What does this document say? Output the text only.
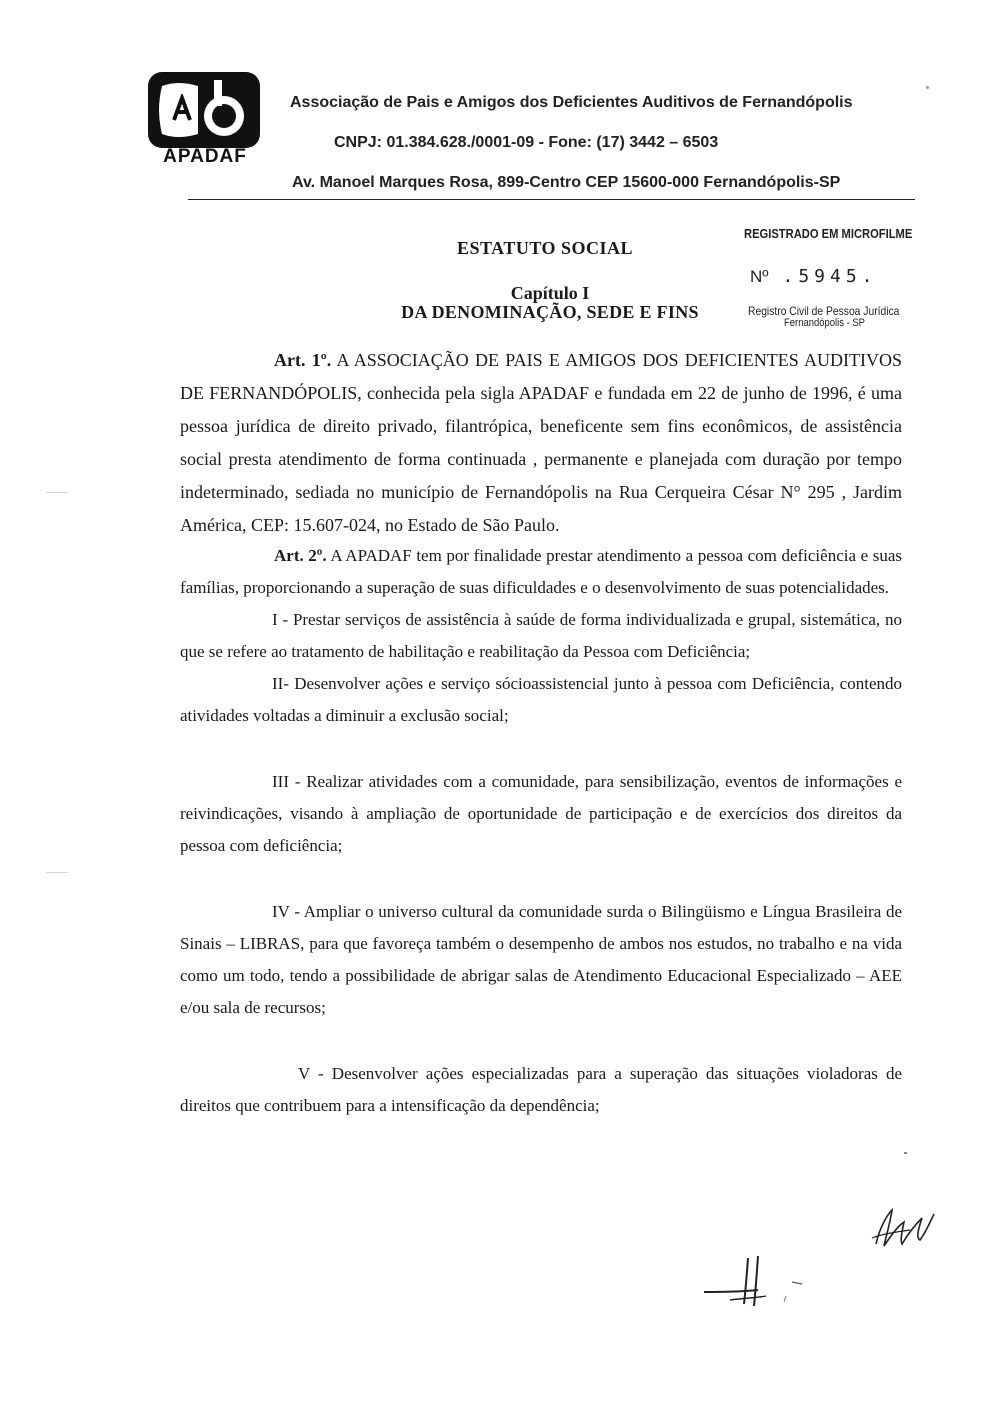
APADAF
Associação de Pais e Amigos dos Deficientes Auditivos de Fernandópolis
CNPJ: 01.384.628./0001-09 - Fone: (17) 3442 – 6503
Av. Manoel Marques Rosa, 899-Centro CEP 15600-000 Fernandópolis-SP
REGISTRADO EM MICROFILME
Nº .5945.
Registro Civil de Pessoa Jurídica
Fernandópolis - SP
ESTATUTO SOCIAL
Capítulo I
DA DENOMINAÇÃO, SEDE E FINS

Art. 1º. A ASSOCIAÇÃO DE PAIS E AMIGOS DOS DEFICIENTES AUDITIVOS DE FERNANDÓPOLIS, conhecida pela sigla APADAF e fundada em 22 de junho de 1996, é uma pessoa jurídica de direito privado, filantrópica, beneficente sem fins econômicos, de assistência social presta atendimento de forma continuada , permanente e planejada com duração por tempo indeterminado, sediada no município de Fernandópolis na Rua Cerqueira César N° 295 , Jardim América, CEP: 15.607-024, no Estado de São Paulo.

Art. 2º. A APADAF tem por finalidade prestar atendimento a pessoa com deficiência e suas famílias, proporcionando a superação de suas dificuldades e o desenvolvimento de suas potencialidades.

I - Prestar serviços de assistência à saúde de forma individualizada e grupal, sistemática, no que se refere ao tratamento de habilitação e reabilitação da Pessoa com Deficiência;

II- Desenvolver ações e serviço sócioassistencial junto à pessoa com Deficiência, contendo atividades voltadas a diminuir a exclusão social;

III - Realizar atividades com a comunidade, para sensibilização, eventos de informações e reivindicações, visando à ampliação de oportunidade de participação e de exercícios dos direitos da pessoa com deficiência;

IV - Ampliar o universo cultural da comunidade surda o Bilingüismo e Língua Brasileira de Sinais – LIBRAS, para que favoreça também o desempenho de ambos nos estudos, no trabalho e na vida como um todo, tendo a possibilidade de abrigar salas de Atendimento Educacional Especializado – AEE e/ou sala de recursos;

V - Desenvolver ações especializadas para a superação das situações violadoras de direitos que contribuem para a intensificação da dependência;
